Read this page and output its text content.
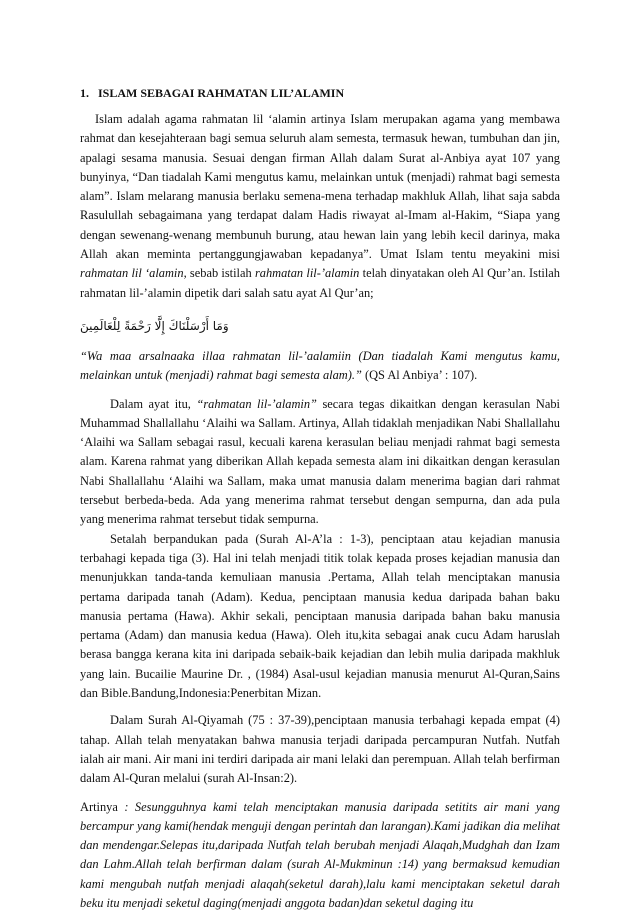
1. ISLAM SEBAGAI RAHMATAN LIL’ALAMIN

Islam adalah agama rahmatan lil ‘alamin artinya Islam merupakan agama yang membawa rahmat dan kesejahteraan bagi semua seluruh alam semesta, termasuk hewan, tumbuhan dan jin, apalagi sesama manusia. Sesuai dengan firman Allah dalam Surat al-Anbiya ayat 107 yang bunyinya, “Dan tiadalah Kami mengutus kamu, melainkan untuk (menjadi) rahmat bagi semesta alam”. Islam melarang manusia berlaku semena-mena terhadap makhluk Allah, lihat saja sabda Rasulullah sebagaimana yang terdapat dalam Hadis riwayat al-Imam al-Hakim, “Siapa yang dengan sewenang-wenang membunuh burung, atau hewan lain yang lebih kecil darinya, maka Allah akan meminta pertanggungjawaban kepadanya”. Umat Islam tentu meyakini misi rahmatan lil ‘alamin, sebab istilah rahmatan lil-’alamin telah dinyatakan oleh Al Qur’an. Istilah rahmatan lil-’alamin dipetik dari salah satu ayat Al Qur’an;

وَمَا أَرْسَلْنَاكَ إِلَّا رَحْمَةً لِلْعَالَمِينَ

“Wa maa arsalnaaka illaa rahmatan lil-’aalamiin (Dan tiadalah Kami mengutus kamu, melainkan untuk (menjadi) rahmat bagi semesta alam).” (QS Al Anbiya’ : 107).

Dalam ayat itu, “rahmatan lil-’alamin” secara tegas dikaitkan dengan kerasulan Nabi Muhammad Shallallahu ‘Alaihi wa Sallam. Artinya, Allah tidaklah menjadikan Nabi Shallallahu ‘Alaihi wa Sallam sebagai rasul, kecuali karena kerasulan beliau menjadi rahmat bagi semesta alam. Karena rahmat yang diberikan Allah kepada semesta alam ini dikaitkan dengan kerasulan Nabi Shallallahu ‘Alaihi wa Sallam, maka umat manusia dalam menerima bagian dari rahmat tersebut berbeda-beda. Ada yang menerima rahmat tersebut dengan sempurna, dan ada pula yang menerima rahmat tersebut tidak sempurna.

Setalah berpandukan pada (Surah Al-A’la : 1-3), penciptaan atau kejadian manusia terbahagi kepada tiga (3). Hal ini telah menjadi titik tolak kepada proses kejadian manusia dan menunjukkan tanda-tanda kemuliaan manusia .Pertama, Allah telah menciptakan manusia pertama daripada tanah (Adam). Kedua, penciptaan manusia kedua daripada bahan baku manusia pertama (Hawa). Akhir sekali, penciptaan manusia daripada bahan baku manusia pertama (Adam) dan manusia kedua (Hawa). Oleh itu,kita sebagai anak cucu Adam haruslah berasa bangga kerana kita ini daripada sebaik-baik kejadian dan lebih mulia daripada makhluk yang lain. Bucailie Maurine Dr. , (1984) Asal-usul kejadian manusia menurut Al-Quran,Sains dan Bible.Bandung,Indonesia:Penerbitan Mizan.

Dalam Surah Al-Qiyamah (75 : 37-39),penciptaan manusia terbahagi kepada empat (4) tahap. Allah telah menyatakan bahwa manusia terjadi daripada percampuran Nutfah. Nutfah ialah air mani. Air mani ini terdiri daripada air mani lelaki dan perempuan. Allah telah berfirman dalam Al-Quran melalui (surah Al-Insan:2).

Artinya : Sesungguhnya kami telah menciptakan manusia daripada setitits air mani yang bercampur yang kami(hendak menguji dengan perintah dan larangan).Kami jadikan dia melihat dan mendengar.Selepas itu,daripada Nutfah telah berubah menjadi Alaqah,Mudghah dan Izam dan Lahm.Allah telah berfirman dalam (surah Al-Mukminun :14) yang bermaksud kemudian kami mengubah nutfah menjadi alaqah(seketul darah),lalu kami menciptakan seketul darah beku itu menjadi seketul daging(menjadi anggota badan)dan seketul daging itu
